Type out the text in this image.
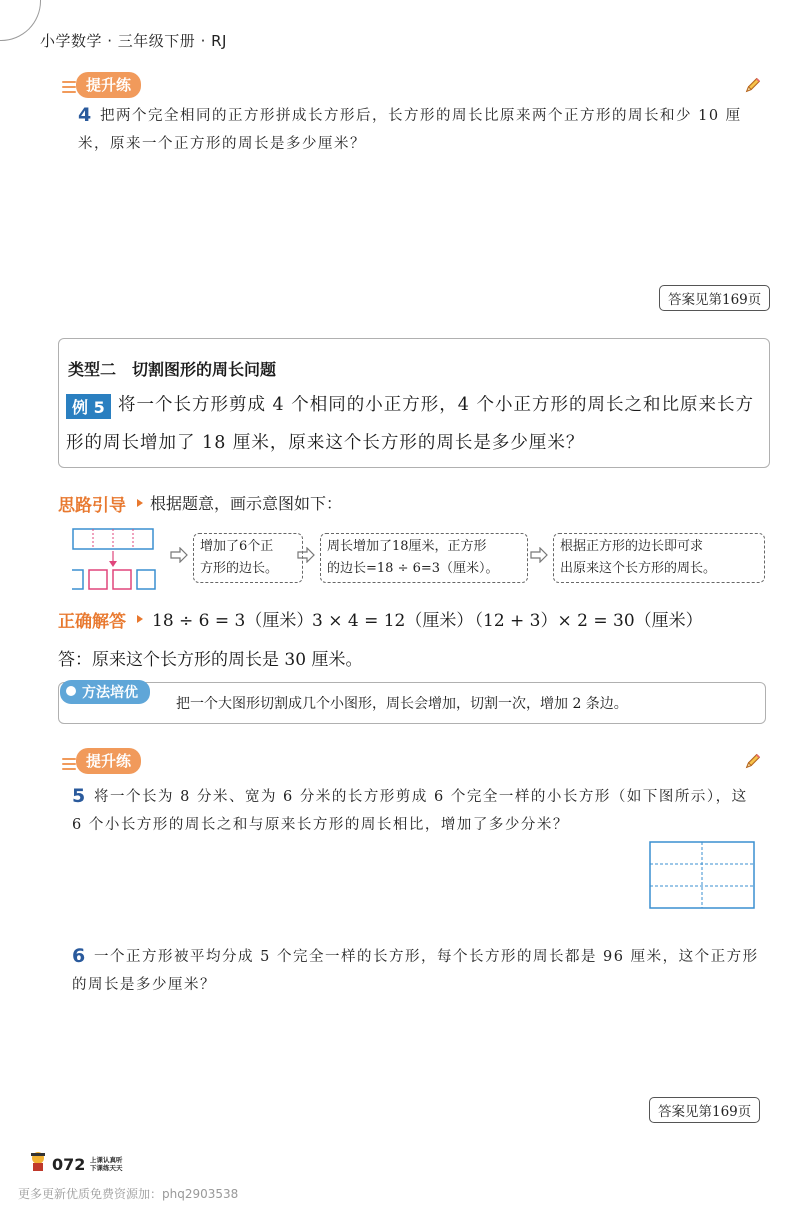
小学数学 · 三年级下册 · RJ
提升练
4 把两个完全相同的正方形拼成长方形后，长方形的周长比原来两个正方形的周长和少 10 厘
米，原来一个正方形的周长是多少厘米？
答案见第169页
类型二　切割图形的周长问题
例 5 将一个长方形剪成 4 个相同的小正方形，4 个小正方形的周长之和比原来长方
形的周长增加了 18 厘米，原来这个长方形的周长是多少厘米？
思路引导 根据题意，画示意图如下：
增加了6个正
方形的边长。
周长增加了18厘米，正方形
的边长=18 ÷ 6=3（厘米）。
根据正方形的边长即可求
出原来这个长方形的周长。
正确解答 18 ÷ 6 = 3（厘米）
3 × 4 = 12（厘米）
（12 + 3）× 2 = 30（厘米）
答：原来这个长方形的周长是 30 厘米。
方法培优
把一个大图形切割成几个小图形，周长会增加，切割一次，增加 2 条边。
提升练
5 将一个长为 8 分米、宽为 6 分米的长方形剪成 6 个完全一样的小长方形（如下图所示），这
6 个小长方形的周长之和与原来长方形的周长相比，增加了多少分米？
6 一个正方形被平均分成 5 个完全一样的长方形，每个长方形的周长都是 96 厘米，这个正方形
的周长是多少厘米？
答案见第169页
072 上课认真听
下课练天天
更多更新优质免费资源加：phq2903538
